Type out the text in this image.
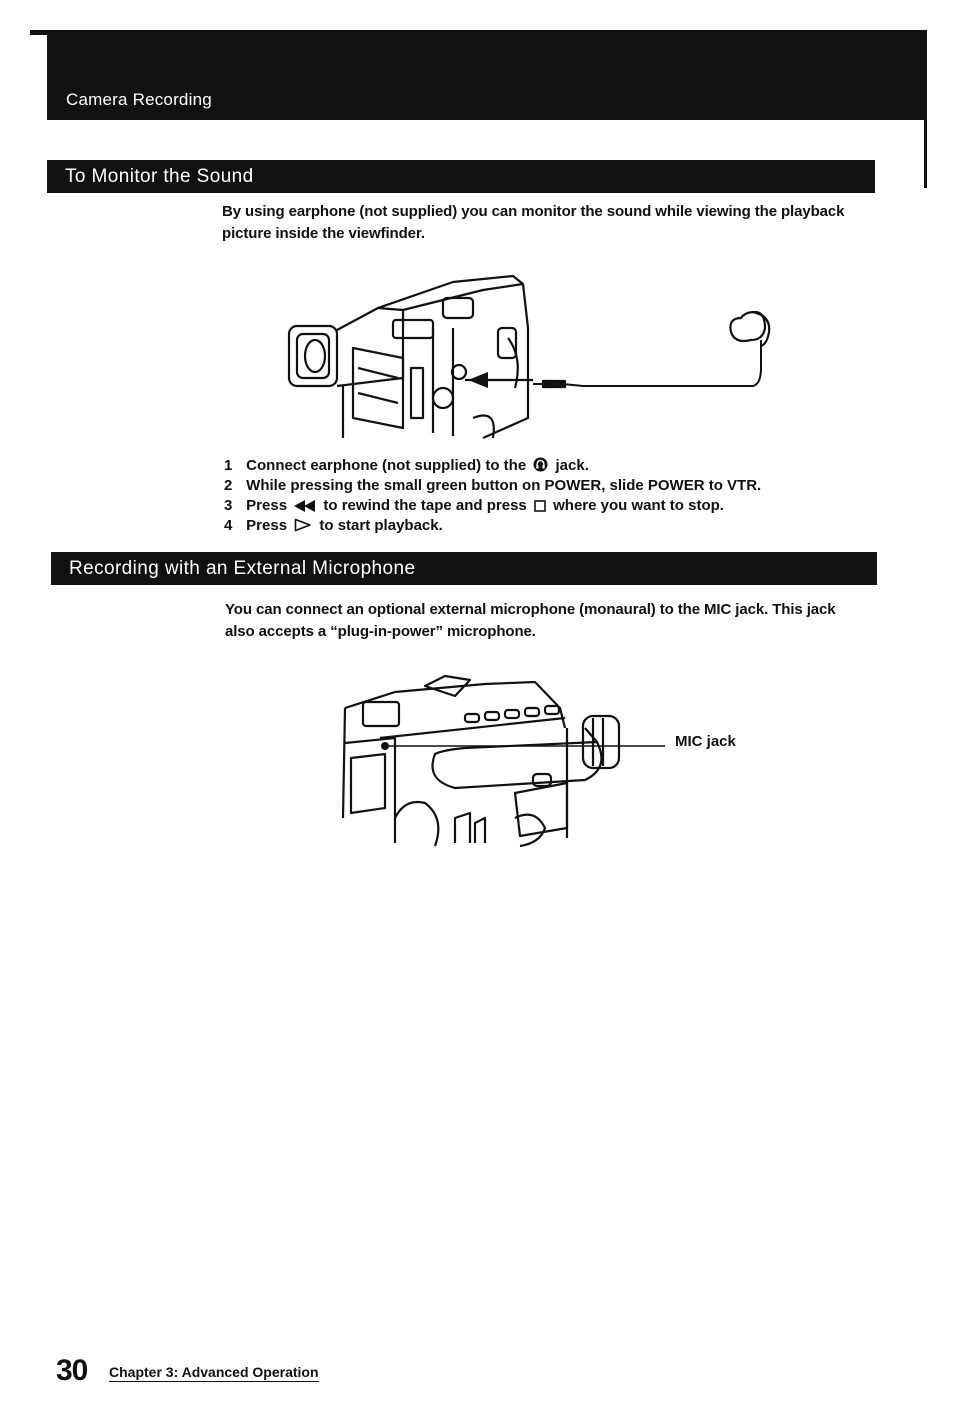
Camera Recording
To Monitor the Sound
By using earphone (not supplied) you can monitor the sound while viewing the playback picture inside the viewfinder.
1 Connect earphone (not supplied) to the jack.
2 While pressing the small green button on POWER, slide POWER to VTR.
3 Press to rewind the tape and press where you want to stop.
4 Press to start playback.
Recording with an External Microphone
You can connect an optional external microphone (monaural) to the MIC jack. This jack also accepts a “plug-in-power” microphone.
MIC jack
30 Chapter 3: Advanced Operation
